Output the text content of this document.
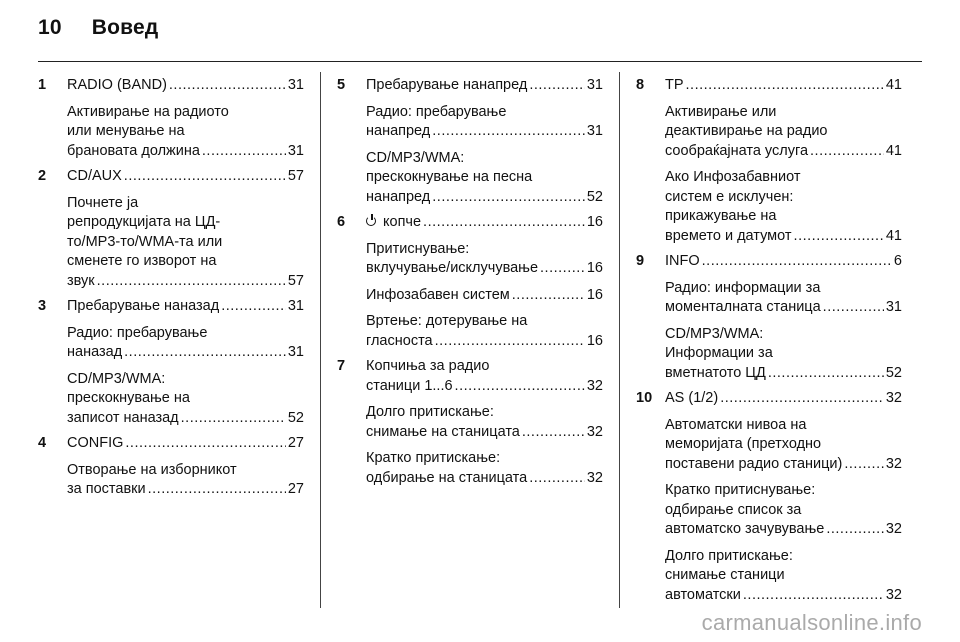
10 Вовед
1 RADIO (BAND) .....	31
Активирање на радиото
или менување на
брановата должина .....	31
2 CD/AUX .....	57
Почнете ја
репродукцијата на ЦД-
то/MP3-то/WMA-та или
сменете го изворот на
звук .....	57
3 Пребарување наназад .....	31
Радио: пребарување
наназад .....	31
CD/MP3/WMA:
прескокнување на
записот наназад .....	52
4 CONFIG .....	27
Отворање на изборникот
за поставки .....	27
5 Пребарување нанапред .....	31
Радио: пребарување
нанапред .....	31
CD/MP3/WMA:
прескокнување на песна
нанапред .....	52
6	копче .....	16
Притиснување:
вклучување/исклучување .....	16
Инфозабавен систем .....	16
Вртење: дотерување на
гласноста .....	16
7 Копчиња за радио
станици 1...6 .....	32
Долго притискање:
снимање на станицата .....	32
Кратко притискање:
одбирање на станицата .....	32
8 TP .....	41
Активирање или
деактивирање на радио
сообраќајната услуга .....	41
Ако Инфозабавниот
систем е исклучен:
прикажување на
времето и датумот .....	41
9 INFO .....	6
Радио: информации за
моменталната станица .....	31
CD/MP3/WMA:
Информации за
вметнатото ЦД .....	52
10 AS (1/2) .....	32
Автоматски нивоа на
меморијата (претходно
поставени радио станици) .....	32
Кратко притиснување:
одбирање список за
автоматско зачувување .....	32
Долго притискање:
снимање станици
автоматски .....	32
carmanualsonline.info
